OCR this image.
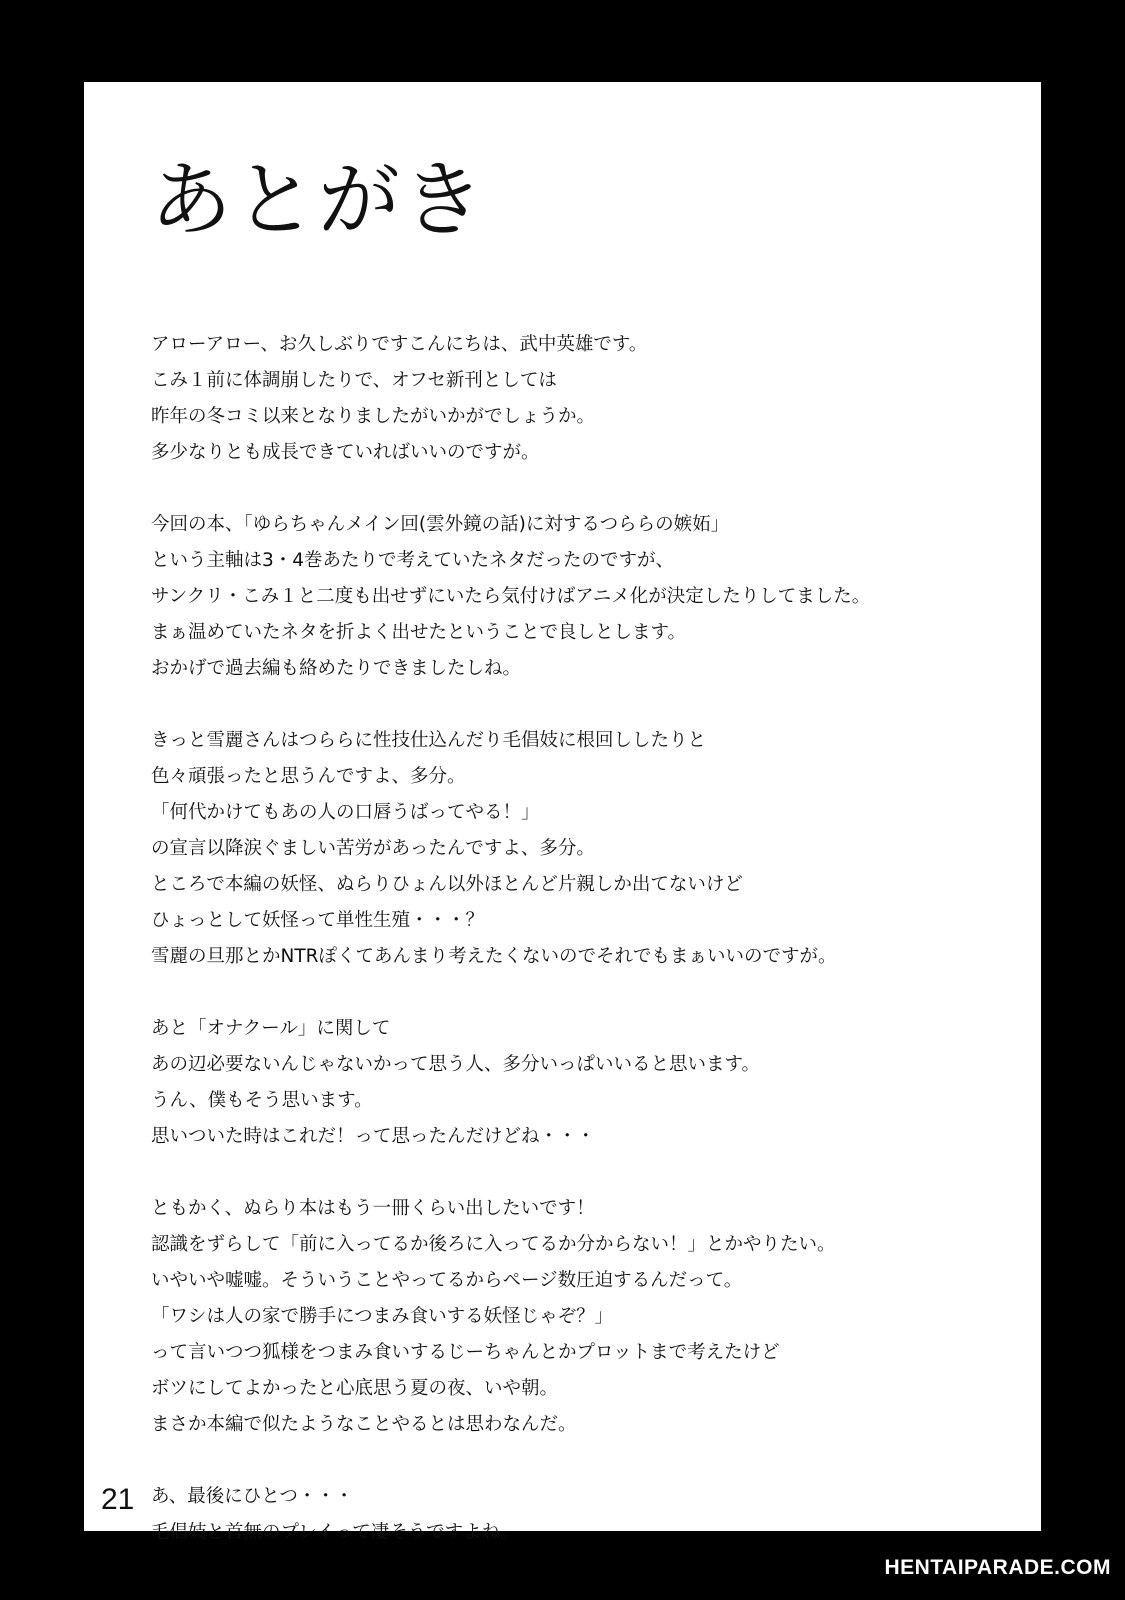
あとがき
アローアロー、お久しぶりですこんにちは、武中英雄です。
こみ１前に体調崩したりで、オフセ新刊としては
昨年の冬コミ以来となりましたがいかがでしょうか。
多少なりとも成長できていればいいのですが。
今回の本、「ゆらちゃんメイン回(雲外鏡の話)に対するつららの嫉妬」
という主軸は3・4巻あたりで考えていたネタだったのですが、
サンクリ・こみ１と二度も出せずにいたら気付けばアニメ化が決定したりしてました。
まぁ温めていたネタを折よく出せたということで良しとします。
おかげで過去編も絡めたりできましたしね。
きっと雪麗さんはつららに性技仕込んだり毛倡妓に根回ししたりと
色々頑張ったと思うんですよ、多分。
「何代かけてもあの人の口唇うばってやる！」
の宣言以降涙ぐましい苦労があったんですよ、多分。
ところで本編の妖怪、ぬらりひょん以外ほとんど片親しか出てないけど
ひょっとして妖怪って単性生殖・・・？
雪麗の旦那とかNTRぽくてあんまり考えたくないのでそれでもまぁいいのですが。
あと「オナクール」に関して
あの辺必要ないんじゃないかって思う人、多分いっぱいいると思います。
うん、僕もそう思います。
思いついた時はこれだ！って思ったんだけどね・・・
ともかく、ぬらり本はもう一冊くらい出したいです！
認識をずらして「前に入ってるか後ろに入ってるか分からない！」とかやりたい。
いやいや嘘嘘。そういうことやってるからページ数圧迫するんだって。
「ワシは人の家で勝手につまみ食いする妖怪じゃぞ？」
って言いつつ狐様をつまみ食いするじーちゃんとかプロットまで考えたけど
ボツにしてよかったと心底思う夏の夜、いや朝。
まさか本編で似たようなことやるとは思わなんだ。
あ、最後にひとつ・・・
毛倡妓と首無のプレイって凄そうですよね。
21
HENTAIPARADE.COM
